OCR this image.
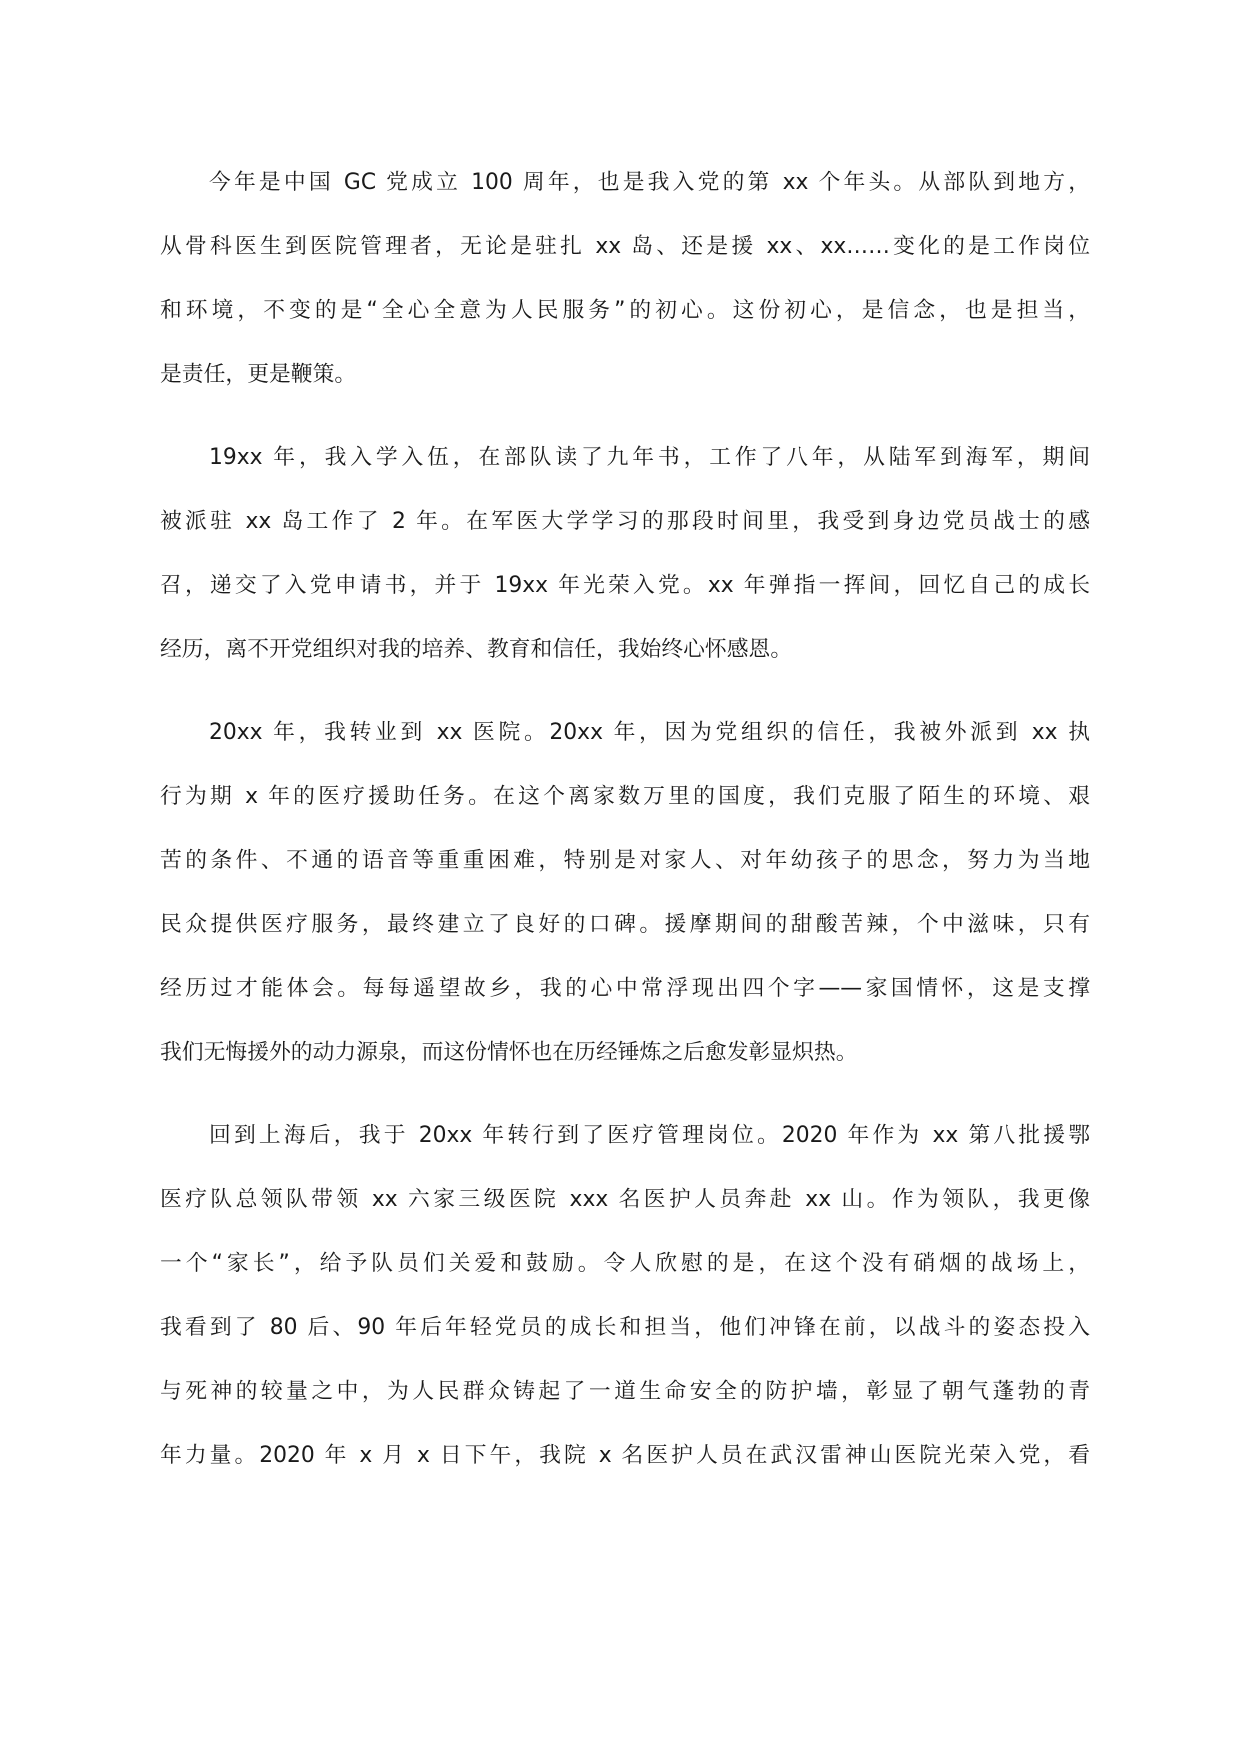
今年是中国 GC 党成立 100 周年，也是我入党的第 xx 个年头。从部队到地方，
从骨科医生到医院管理者，无论是驻扎 xx 岛、还是援 xx、xx……变化的是工作岗位
和环境，不变的是“全心全意为人民服务”的初心。这份初心，是信念，也是担当，
是责任，更是鞭策。
19xx 年，我入学入伍，在部队读了九年书，工作了八年，从陆军到海军，期间
被派驻 xx 岛工作了 2 年。在军医大学学习的那段时间里，我受到身边党员战士的感
召，递交了入党申请书，并于 19xx 年光荣入党。xx 年弹指一挥间，回忆自己的成长
经历，离不开党组织对我的培养、教育和信任，我始终心怀感恩。
20xx 年，我转业到 xx 医院。20xx 年，因为党组织的信任，我被外派到 xx 执
行为期 x 年的医疗援助任务。在这个离家数万里的国度，我们克服了陌生的环境、艰
苦的条件、不通的语音等重重困难，特别是对家人、对年幼孩子的思念，努力为当地
民众提供医疗服务，最终建立了良好的口碑。援摩期间的甜酸苦辣，个中滋味，只有
经历过才能体会。每每遥望故乡，我的心中常浮现出四个字——家国情怀，这是支撑
我们无悔援外的动力源泉，而这份情怀也在历经锤炼之后愈发彰显炽热。
回到上海后，我于 20xx 年转行到了医疗管理岗位。2020 年作为 xx 第八批援鄂
医疗队总领队带领 xx 六家三级医院 xxx 名医护人员奔赴 xx 山。作为领队，我更像
一个“家长”，给予队员们关爱和鼓励。令人欣慰的是，在这个没有硝烟的战场上，
我看到了 80 后、90 年后年轻党员的成长和担当，他们冲锋在前，以战斗的姿态投入
与死神的较量之中，为人民群众铸起了一道生命安全的防护墙，彰显了朝气蓬勃的青
年力量。2020 年 x 月 x 日下午，我院 x 名医护人员在武汉雷神山医院光荣入党，看
